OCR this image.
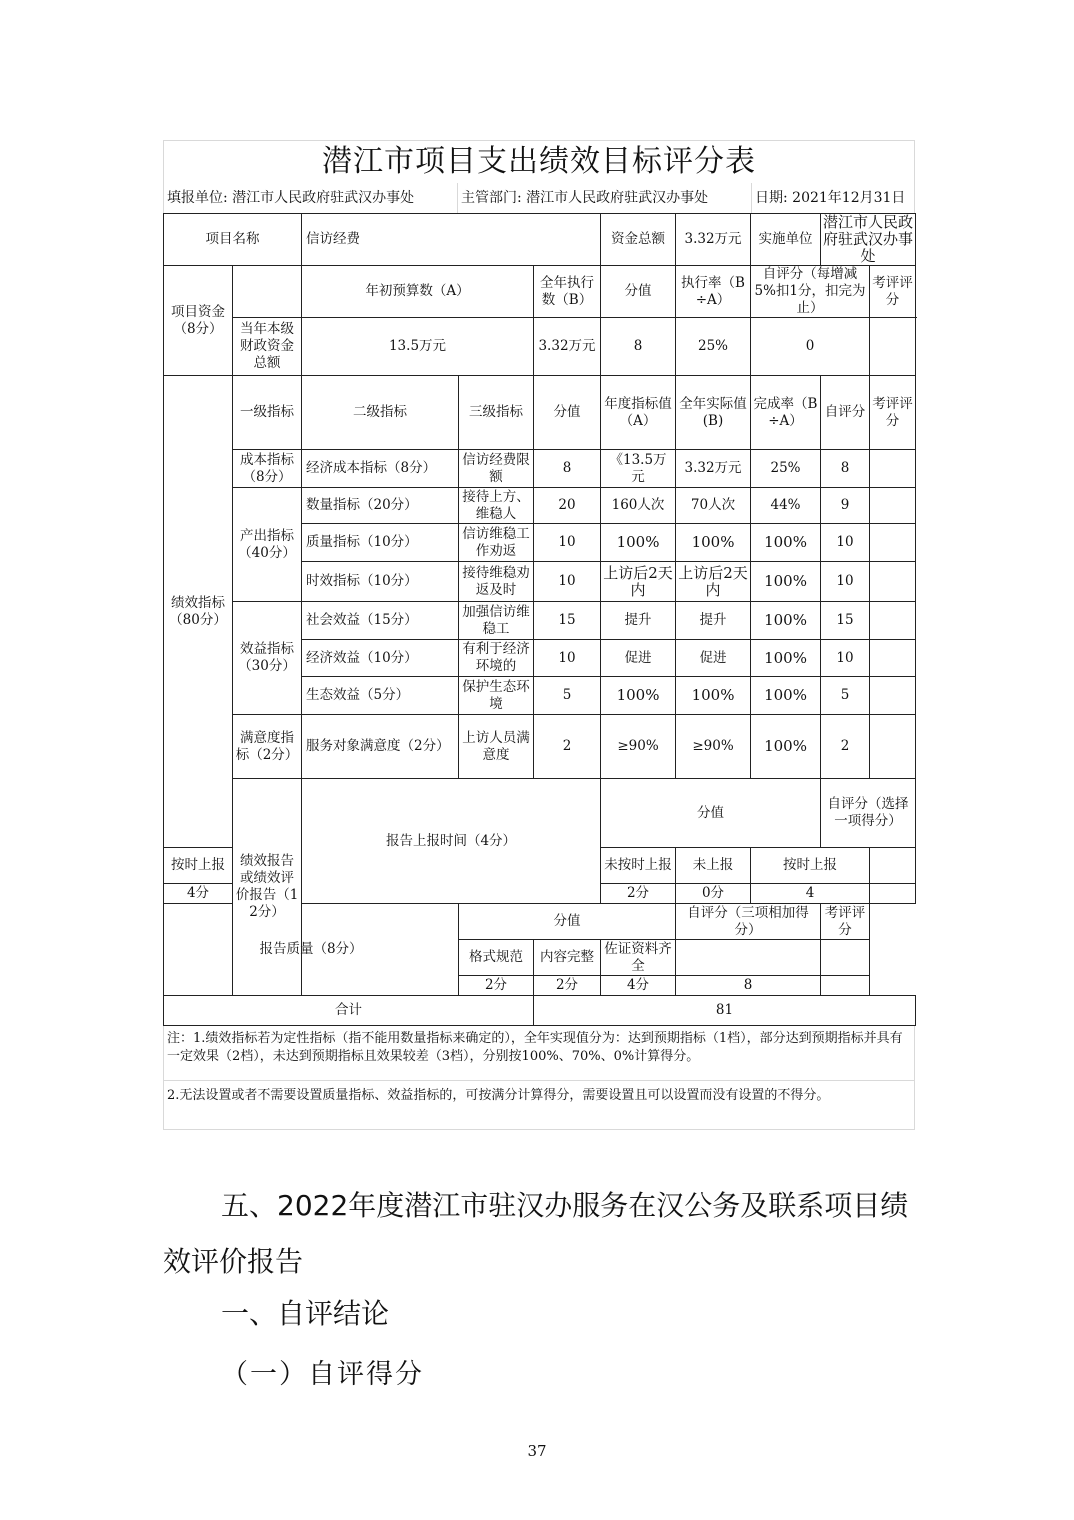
潜江市项目支出绩效目标评分表
填报单位: 潜江市人民政府驻武汉办事处	主管部门: 潜江市人民政府驻武汉办事处	日期: 2021年12月31日
项目名称		信访经费			资金总额	3.32万元	实施单位	潜江市人民政府驻武汉办事处		
项目资金（8分）		年初预算数（A）		全年执行数（B）	分值	执行率（B÷A）	自评分（每增减5%扣1分，扣完为止）		考评评分	
	当年本级财政资金总额	13.5万元		3.32万元	8	25%	0			
绩效指标（80分）	一级指标	二级指标	三级指标	分值	年度指标值（A）	全年实际值(B)	完成率（B÷A）	自评分	考评评分	
	成本指标（8分）	经济成本指标（8分）	信访经费限额	8	《13.5万元	3.32万元	25%	8		
	产出指标（40分）	数量指标（20分）	接待上方、维稳人	20	160人次	70人次	44%	9		
		质量指标（10分）	信访维稳工作劝返	10	100%	100%	100%	10		
		时效指标（10分）	接待维稳劝返及时	10	上访后2天内	上访后2天内	100%	10		
	效益指标（30分）	社会效益（15分）	加强信访维稳工	15	提升	提升	100%	15		
		经济效益（10分）	有利于经济环境的	10	促进	促进	100%	10		
		生态效益（5分）	保护生态环境	5	100%	100%	100%	5		
	满意度指标（2分）	服务对象满意度（2分）	上访人员满意度	2	≥90%	≥90%	100%	2		
	绩效报告或绩效评价报告（12分）	报告上报时间（4分）			分值			自评分（选择一项得分）	
按时上报					未按时上报	未上报	按时上报			
4分					2分	0分	4			
报告质量（8分）			分值			自评分（三项相加得分）		考评评分		
			格式规范	内容完整	佐证资料齐全					
			2分	2分	4分	8				
合计				81						
注：1.绩效指标若为定性指标（指不能用数量指标来确定的），全年实现值分为：达到预期指标（1档），部分达到预期指标并具有一定效果（2档），未达到预期指标且效果较差（3档），分别按100%、70%、0%计算得分。
2.无法设置或者不需要设置质量指标、效益指标的，可按满分计算得分，需要设置且可以设置而没有设置的不得分。
五、2022年度潜江市驻汉办服务在汉公务及联系项目绩
效评价报告
一、自评结论
（一）自评得分
37
